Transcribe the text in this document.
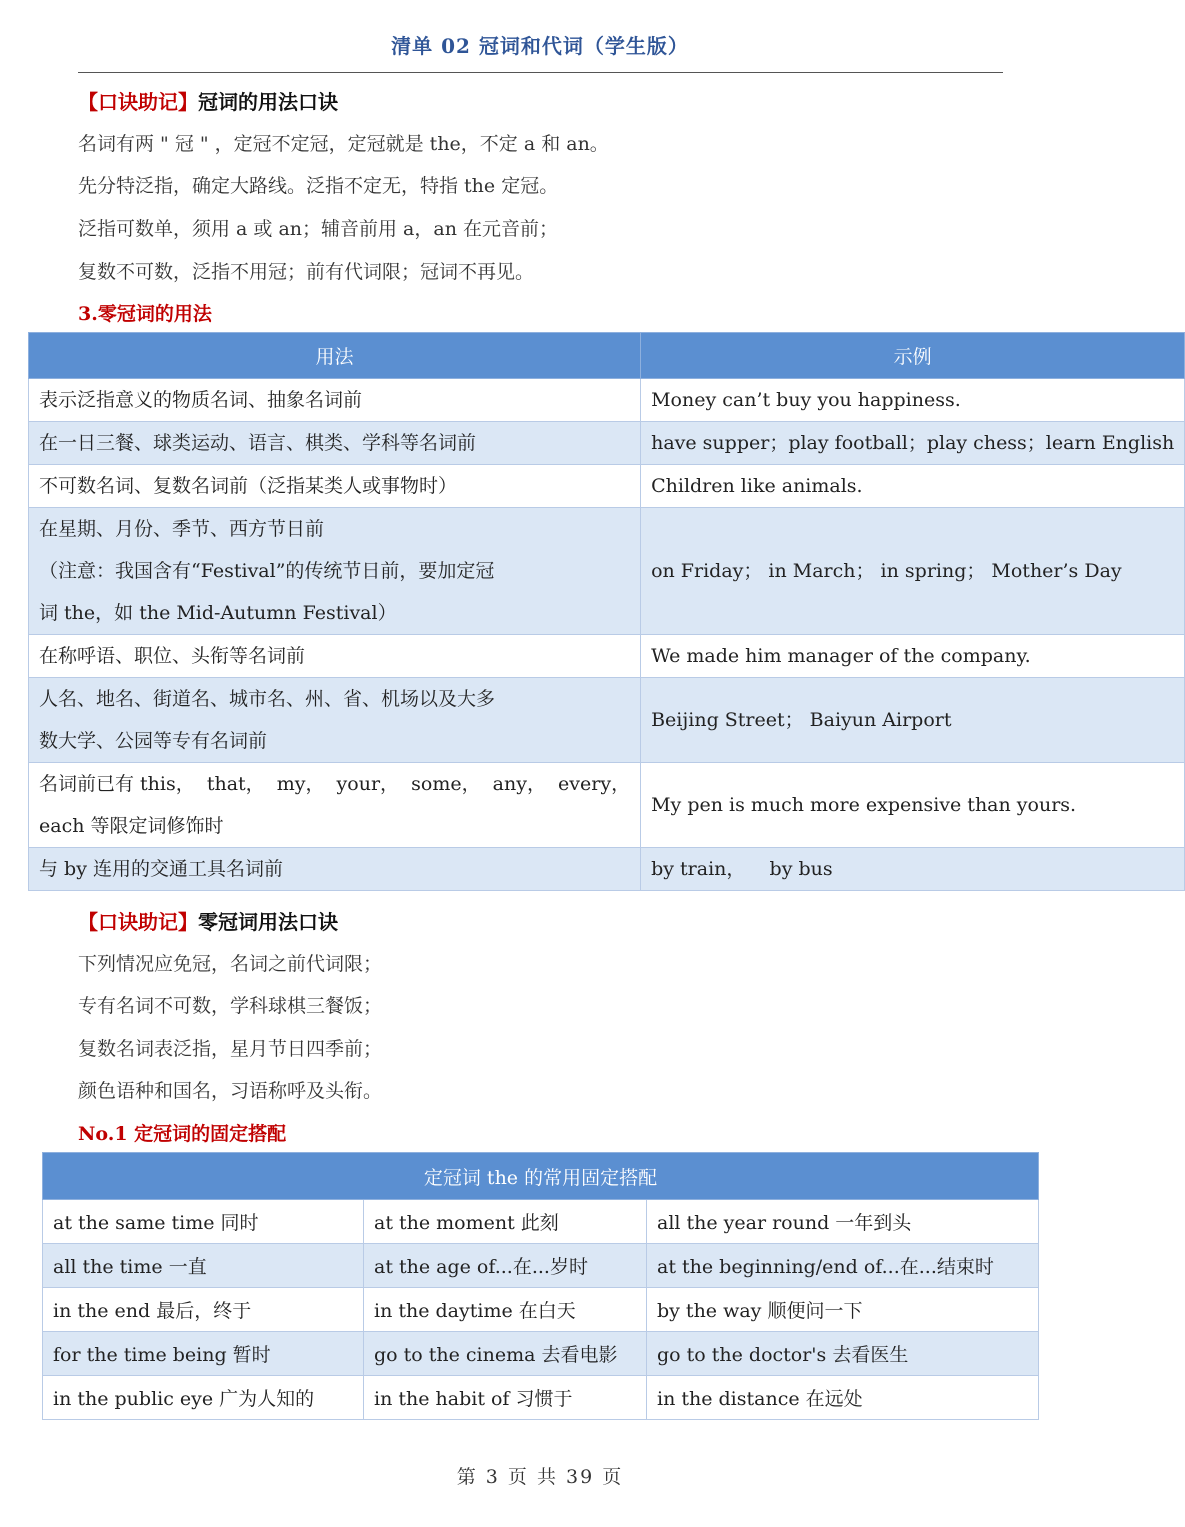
清单 02 冠词和代词（学生版）
【口诀助记】冠词的用法口诀
名词有两 " 冠 " ，定冠不定冠，定冠就是 the，不定 a 和 an。
先分特泛指，确定大路线。泛指不定无，特指 the 定冠。
泛指可数单，须用 a 或 an；辅音前用 a，an 在元音前；
复数不可数，泛指不用冠；前有代词限；冠词不再见。
3.零冠词的用法
用法	示例

表示泛指意义的物质名词、抽象名词前	Money can’t buy you happiness.

在一日三餐、球类运动、语言、棋类、学科等名词前	have supper；play football；play chess；learn English

不可数名词、复数名词前（泛指某类人或事物时）	Children like animals.

在星期、月份、季节、西方节日前
（注意：我国含有“Festival”的传统节日前，要加定冠
词 the，如 the Mid-Autumn Festival）	on Friday； in March； in spring； Mother’s Day

在称呼语、职位、头衔等名词前	We made him manager of the company.

人名、地名、街道名、城市名、州、省、机场以及大多
数大学、公园等专有名词前	Beijing Street； Baiyun Airport

名词前已有 this，  that，  my，  your，  some，  any，  every，
each 等限定词修饰时	My pen is much more expensive than yours.

与 by 连用的交通工具名词前	by train，    by bus
【口诀助记】零冠词用法口诀
下列情况应免冠，名词之前代词限；
专有名词不可数，学科球棋三餐饭；
复数名词表泛指，星月节日四季前；
颜色语种和国名，习语称呼及头衔。
No.1 定冠词的固定搭配
定冠词 the 的常用固定搭配		
at the same time 同时	at the moment 此刻	all the year round 一年到头
all the time 一直	at the age of...在...岁时	at the beginning/end of...在...结束时
in the end 最后，终于	in the daytime 在白天	by the way 顺便问一下
for the time being 暂时	go to the cinema 去看电影	go to the doctor's 去看医生
in the public eye 广为人知的	in the habit of 习惯于	in the distance 在远处
第 3 页 共 39 页
